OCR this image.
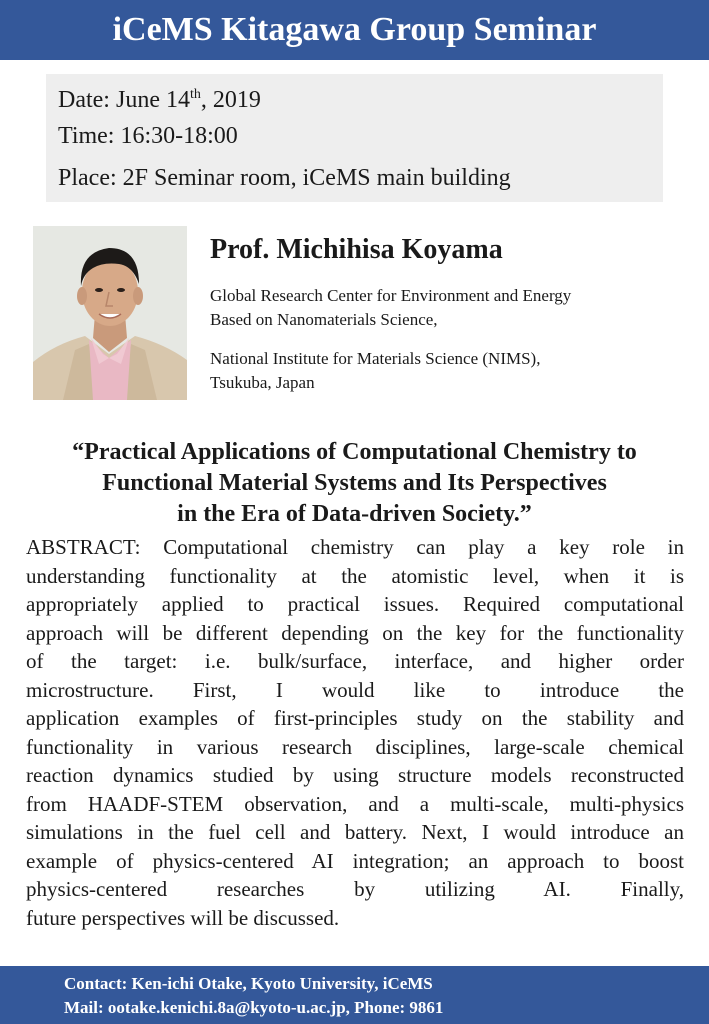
iCeMS Kitagawa Group Seminar
Date: June 14th, 2019
Time: 16:30-18:00
Place: 2F Seminar room, iCeMS main building
Prof. Michihisa Koyama
Global Research Center for Environment and Energy
Based on Nanomaterials Science,
National Institute for Materials Science (NIMS),
Tsukuba, Japan
“Practical Applications of Computational Chemistry to
Functional Material Systems and Its Perspectives
in the Era of Data-driven Society.”
ABSTRACT: Computational chemistry can play a key role in
understanding functionality at the atomistic level, when it is
appropriately applied to practical issues. Required computational
approach will be different depending on the key for the functionality
of the target: i.e. bulk/surface, interface, and higher order
microstructure. First, I would like to introduce the
application examples of first-principles study on the stability and
functionality in various research disciplines, large-scale chemical
reaction dynamics studied by using structure models reconstructed
from HAADF-STEM observation, and a multi-scale, multi-physics
simulations in the fuel cell and battery. Next, I would introduce an
example of physics-centered AI integration; an approach to boost
physics-centered researches by utilizing AI. Finally,
future perspectives will be discussed.
Contact: Ken-ichi Otake, Kyoto University, iCeMS
Mail: ootake.kenichi.8a@kyoto-u.ac.jp, Phone: 9861
